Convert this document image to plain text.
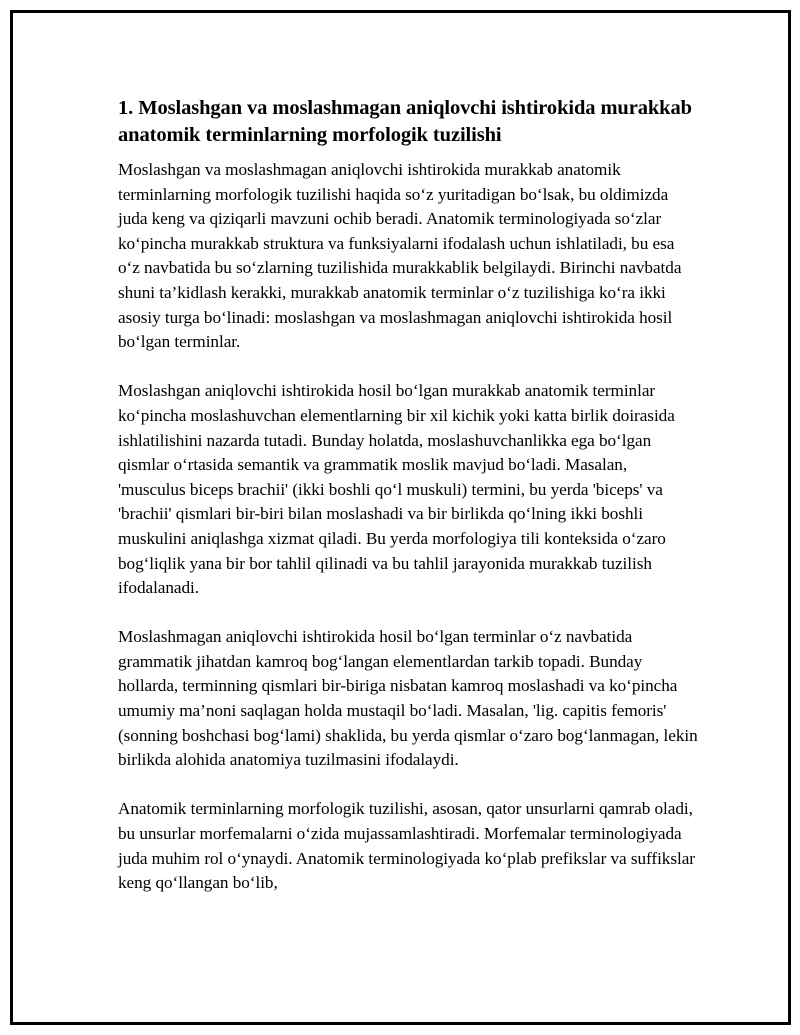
1. Moslashgan va moslashmagan aniqlovchi ishtirokida murakkab anatomik terminlarning morfologik tuzilishi

Moslashgan va moslashmagan aniqlovchi ishtirokida murakkab anatomik terminlarning morfologik tuzilishi haqida so‘z yuritadigan bo‘lsak, bu oldimizda juda keng va qiziqarli mavzuni ochib beradi. Anatomik terminologiyada so‘zlar ko‘pincha murakkab struktura va funksiyalarni ifodalash uchun ishlatiladi, bu esa o‘z navbatida bu so‘zlarning tuzilishida murakkablik belgilaydi. Birinchi navbatda shuni ta’kidlash kerakki, murakkab anatomik terminlar o‘z tuzilishiga ko‘ra ikki asosiy turga bo‘linadi: moslashgan va moslashmagan aniqlovchi ishtirokida hosil bo‘lgan terminlar.

Moslashgan aniqlovchi ishtirokida hosil bo‘lgan murakkab anatomik terminlar ko‘pincha moslashuvchan elementlarning bir xil kichik yoki katta birlik doirasida ishlatilishini nazarda tutadi. Bunday holatda, moslashuvchanlikka ega bo‘lgan qismlar o‘rtasida semantik va grammatik moslik mavjud bo‘ladi. Masalan, 'musculus biceps brachii' (ikki boshli qo‘l muskuli) termini, bu yerda 'biceps' va 'brachii' qismlari bir-biri bilan moslashadi va bir birlikda qo‘lning ikki boshli muskulini aniqlashga xizmat qiladi. Bu yerda morfologiya tili konteksida o‘zaro bog‘liqlik yana bir bor tahlil qilinadi va bu tahlil jarayonida murakkab tuzilish ifodalanadi.

Moslashmagan aniqlovchi ishtirokida hosil bo‘lgan terminlar o‘z navbatida grammatik jihatdan kamroq bog‘langan elementlardan tarkib topadi. Bunday hollarda, terminning qismlari bir-biriga nisbatan kamroq moslashadi va ko‘pincha umumiy ma’noni saqlagan holda mustaqil bo‘ladi. Masalan, 'lig. capitis femoris' (sonning boshchasi bog‘lami) shaklida, bu yerda qismlar o‘zaro bog‘lanmagan, lekin birlikda alohida anatomiya tuzilmasini ifodalaydi.

Anatomik terminlarning morfologik tuzilishi, asosan, qator unsurlarni qamrab oladi, bu unsurlar morfemalarni o‘zida mujassamlashtiradi. Morfemalar terminologiyada juda muhim rol o‘ynaydi. Anatomik terminologiyada ko‘plab prefikslar va suffikslar keng qo‘llangan bo‘lib,
